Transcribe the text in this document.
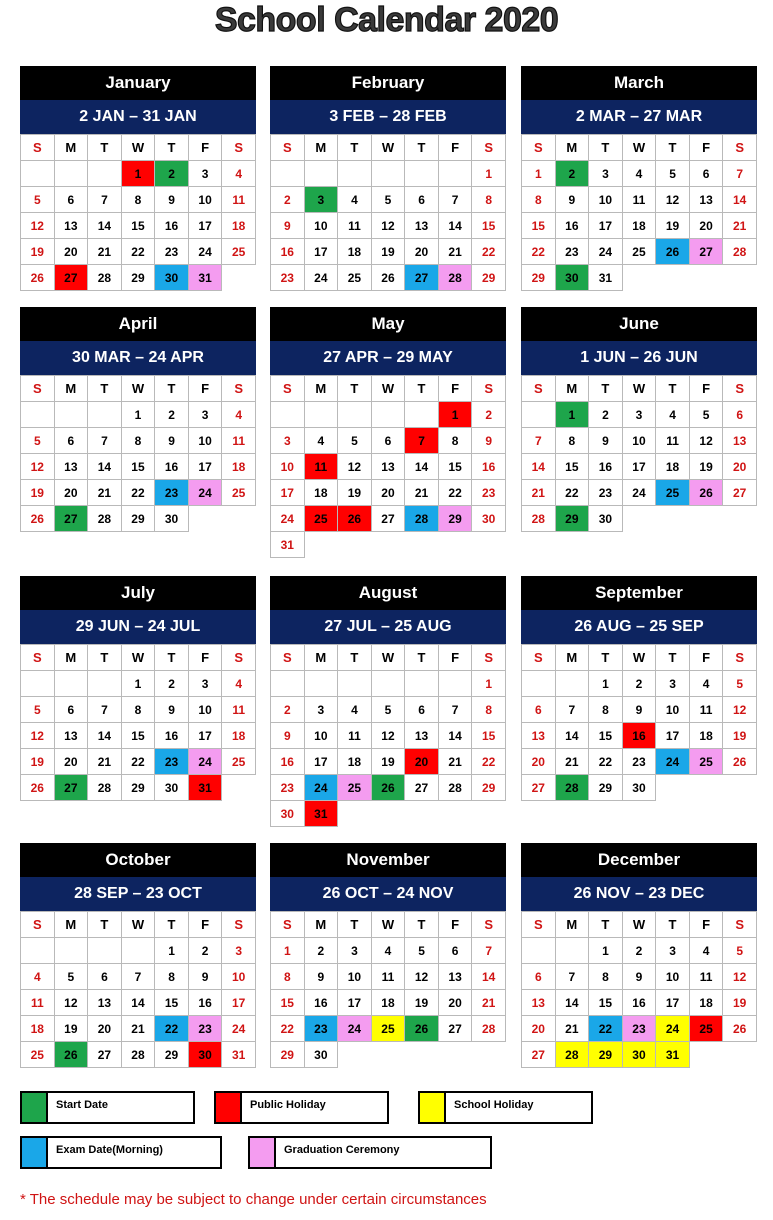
School Calendar 2020
January
2 JAN – 31 JAN
S	M	T	W	T	F	S
			1	2	3	4
5	6	7	8	9	10	11
12	13	14	15	16	17	18
19	20	21	22	23	24	25
26	27	28	29	30	31	
February
3 FEB – 28 FEB
S	M	T	W	T	F	S
						1
2	3	4	5	6	7	8
9	10	11	12	13	14	15
16	17	18	19	20	21	22
23	24	25	26	27	28	29
March
2 MAR – 27 MAR
S	M	T	W	T	F	S
1	2	3	4	5	6	7
8	9	10	11	12	13	14
15	16	17	18	19	20	21
22	23	24	25	26	27	28
29	30	31				
April
30 MAR – 24 APR
S	M	T	W	T	F	S
			1	2	3	4
5	6	7	8	9	10	11
12	13	14	15	16	17	18
19	20	21	22	23	24	25
26	27	28	29	30		
May
27 APR – 29 MAY
S	M	T	W	T	F	S
					1	2
3	4	5	6	7	8	9
10	11	12	13	14	15	16
17	18	19	20	21	22	23
24	25	26	27	28	29	30
31						
June
1 JUN – 26 JUN
S	M	T	W	T	F	S
	1	2	3	4	5	6
7	8	9	10	11	12	13
14	15	16	17	18	19	20
21	22	23	24	25	26	27
28	29	30				
July
29 JUN – 24 JUL
S	M	T	W	T	F	S
			1	2	3	4
5	6	7	8	9	10	11
12	13	14	15	16	17	18
19	20	21	22	23	24	25
26	27	28	29	30	31	
August
27 JUL – 25 AUG
S	M	T	W	T	F	S
						1
2	3	4	5	6	7	8
9	10	11	12	13	14	15
16	17	18	19	20	21	22
23	24	25	26	27	28	29
30	31					
September
26 AUG – 25 SEP
S	M	T	W	T	F	S
		1	2	3	4	5
6	7	8	9	10	11	12
13	14	15	16	17	18	19
20	21	22	23	24	25	26
27	28	29	30			
October
28 SEP – 23 OCT
S	M	T	W	T	F	S
				1	2	3
4	5	6	7	8	9	10
11	12	13	14	15	16	17
18	19	20	21	22	23	24
25	26	27	28	29	30	31
November
26 OCT – 24 NOV
S	M	T	W	T	F	S
1	2	3	4	5	6	7
8	9	10	11	12	13	14
15	16	17	18	19	20	21
22	23	24	25	26	27	28
29	30					
December
26 NOV – 23 DEC
S	M	T	W	T	F	S
		1	2	3	4	5
6	7	8	9	10	11	12
13	14	15	16	17	18	19
20	21	22	23	24	25	26
27	28	29	30	31		
Start Date	Public Holiday	School Holiday
Exam Date(Morning)	Graduation Ceremony
* The schedule may be subject to change under certain circumstances
